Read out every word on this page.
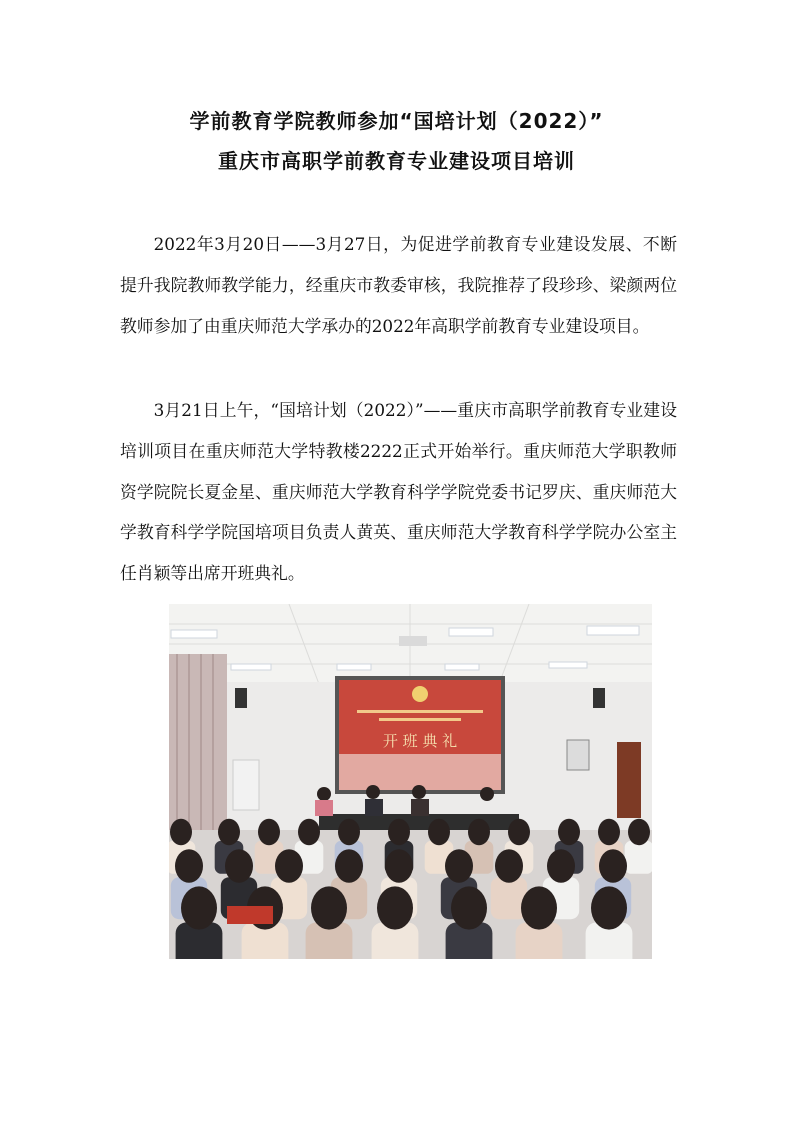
学前教育学院教师参加“国培计划（2022）”
重庆市高职学前教育专业建设项目培训

2022年3月20日——3月27日，为促进学前教育专业建设发展、不断提升我院教师教学能力，经重庆市教委审核，我院推荐了段珍珍、梁颜两位教师参加了由重庆师范大学承办的2022年高职学前教育专业建设项目。

3月21日上午，“国培计划（2022）”——重庆市高职学前教育专业建设培训项目在重庆师范大学特教楼2222正式开始举行。重庆师范大学职教师资学院院长夏金星、重庆师范大学教育科学学院党委书记罗庆、重庆师范大学教育科学学院国培项目负责人黄英、重庆师范大学教育科学学院办公室主任肖颖等出席开班典礼。

开 班 典 礼
